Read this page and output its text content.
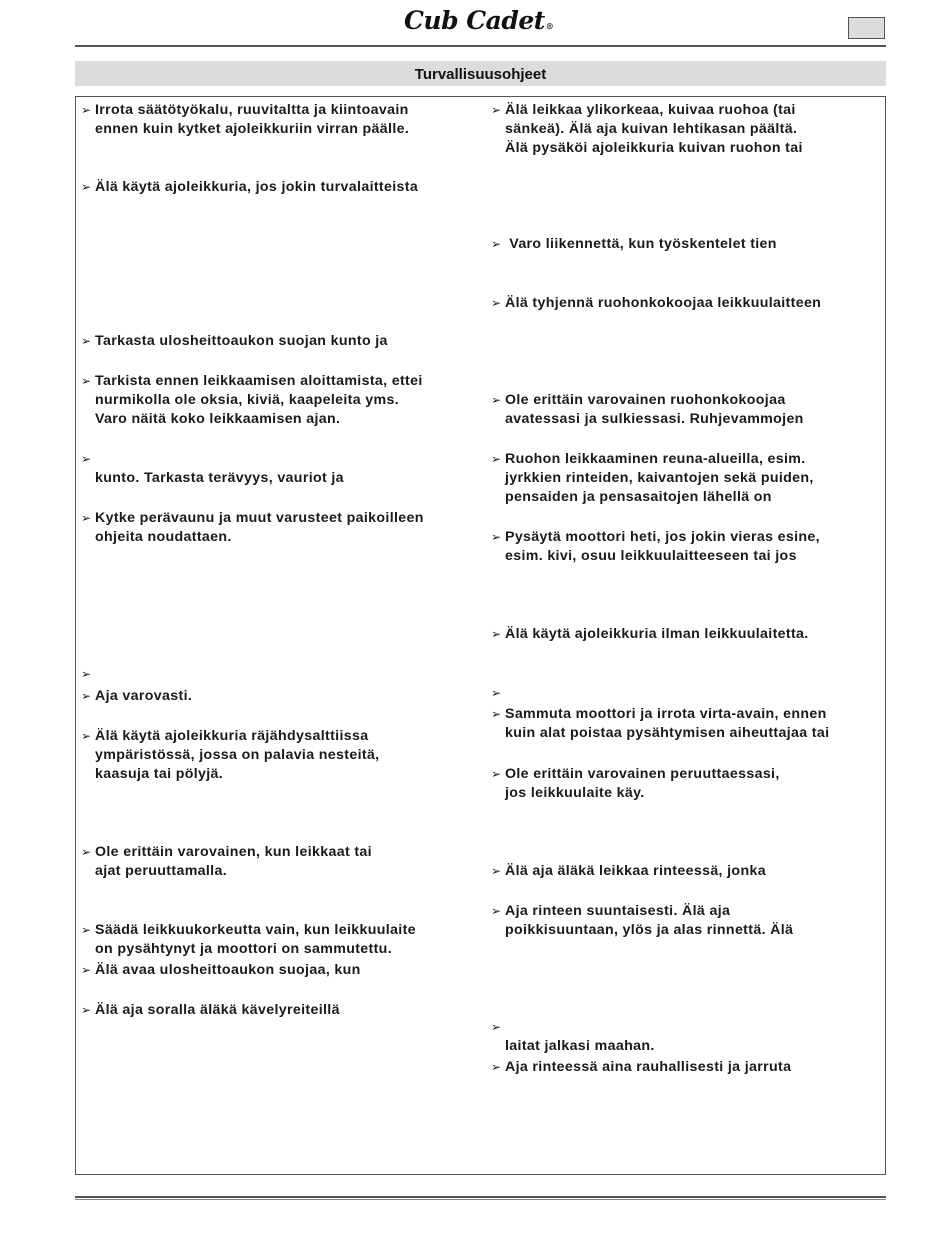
Cub Cadet®
Turvallisuusohjeet
➢ Irrota säätötyökalu, ruuvitaltta ja kiintoavain
ennen kuin kytket ajoleikkuriin virran päälle.
➢ Älä käytä ajoleikkuria, jos jokin turvalaitteista
➢ Tarkasta ulosheittoaukon suojan kunto ja
➢ Tarkista ennen leikkaamisen aloittamista, ettei
nurmikolla ole oksia, kiviä, kaapeleita yms.
Varo näitä koko leikkaamisen ajan.
➢
kunto. Tarkasta terävyys, vauriot ja
➢ Kytke perävaunu ja muut varusteet paikoilleen
ohjeita noudattaen.
➢
➢ Aja varovasti.
➢ Älä käytä ajoleikkuria räjähdysalttiissa
ympäristössä, jossa on palavia nesteitä,
kaasuja tai pölyjä.
➢ Ole erittäin varovainen, kun leikkaat tai
ajat peruuttamalla.
➢ Säädä leikkuukorkeutta vain, kun leikkuulaite
on pysähtynyt ja moottori on sammutettu.
➢ Älä avaa ulosheittoaukon suojaa, kun
➢ Älä aja soralla äläkä kävelyreiteillä
➢ Älä leikkaa ylikorkeaa, kuivaa ruohoa (tai
sänkeä). Älä aja kuivan lehtikasan päältä.
Älä pysäköi ajoleikkuria kuivan ruohon tai
➢ Varo liikennettä, kun työskentelet tien
➢ Älä tyhjennä ruohonkokoojaa leikkuulaitteen
➢ Ole erittäin varovainen ruohonkokoojaa
avatessasi ja sulkiessasi. Ruhjevammojen
➢ Ruohon leikkaaminen reuna-alueilla, esim.
jyrkkien rinteiden, kaivantojen sekä puiden,
pensaiden ja pensasaitojen lähellä on
➢ Pysäytä moottori heti, jos jokin vieras esine,
esim. kivi, osuu leikkuulaitteeseen tai jos
➢ Älä käytä ajoleikkuria ilman leikkuulaitetta.
➢
➢ Sammuta moottori ja irrota virta-avain, ennen
kuin alat poistaa pysähtymisen aiheuttajaa tai
➢ Ole erittäin varovainen peruuttaessasi,
jos leikkuulaite käy.
➢ Älä aja äläkä leikkaa rinteessä, jonka
➢ Aja rinteen suuntaisesti. Älä aja
poikkisuuntaan, ylös ja alas rinnettä. Älä
➢
laitat jalkasi maahan.
➢ Aja rinteessä aina rauhallisesti ja jarruta
